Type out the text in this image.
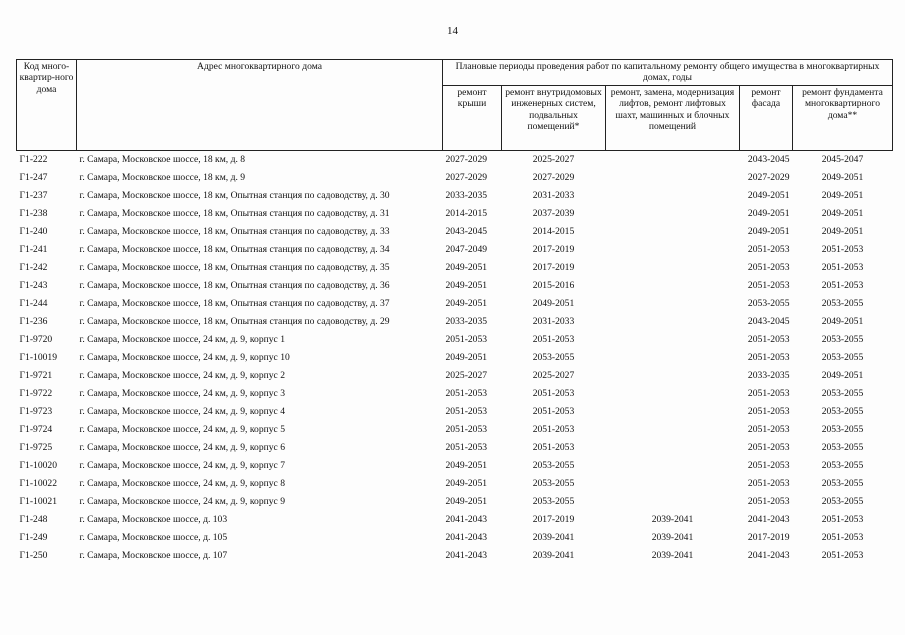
14
Код много-квартир-ного дома	Адрес многоквартирного дома	Плановые периоды проведения работ по капитальному ремонту общего имущества в многоквартирных домах, годы				
		ремонт крыши	ремонт внутридомовых инженерных систем, подвальных помещений*	ремонт, замена, модернизация лифтов, ремонт лифтовых шахт, машинных и блочных помещений	ремонт фасада	ремонт фундамента многоквартирного дома**
Г1-222	г. Самара, Московское шоссе, 18 км, д. 8	2027-2029	2025-2027		2043-2045	2045-2047
Г1-247	г. Самара, Московское шоссе, 18 км, д. 9	2027-2029	2027-2029		2027-2029	2049-2051
Г1-237	г. Самара, Московское шоссе, 18 км, Опытная станция по садоводству, д. 30	2033-2035	2031-2033		2049-2051	2049-2051
Г1-238	г. Самара, Московское шоссе, 18 км, Опытная станция по садоводству, д. 31	2014-2015	2037-2039		2049-2051	2049-2051
Г1-240	г. Самара, Московское шоссе, 18 км, Опытная станция по садоводству, д. 33	2043-2045	2014-2015		2049-2051	2049-2051
Г1-241	г. Самара, Московское шоссе, 18 км, Опытная станция по садоводству, д. 34	2047-2049	2017-2019		2051-2053	2051-2053
Г1-242	г. Самара, Московское шоссе, 18 км, Опытная станция по садоводству, д. 35	2049-2051	2017-2019		2051-2053	2051-2053
Г1-243	г. Самара, Московское шоссе, 18 км, Опытная станция по садоводству, д. 36	2049-2051	2015-2016		2051-2053	2051-2053
Г1-244	г. Самара, Московское шоссе, 18 км, Опытная станция по садоводству, д. 37	2049-2051	2049-2051		2053-2055	2053-2055
Г1-236	г. Самара, Московское шоссе, 18 км, Опытная станция по садоводству, д. 29	2033-2035	2031-2033		2043-2045	2049-2051
Г1-9720	г. Самара, Московское шоссе, 24 км, д. 9, корпус 1	2051-2053	2051-2053		2051-2053	2053-2055
Г1-10019	г. Самара, Московское шоссе, 24 км, д. 9, корпус 10	2049-2051	2053-2055		2051-2053	2053-2055
Г1-9721	г. Самара, Московское шоссе, 24 км, д. 9, корпус 2	2025-2027	2025-2027		2033-2035	2049-2051
Г1-9722	г. Самара, Московское шоссе, 24 км, д. 9, корпус 3	2051-2053	2051-2053		2051-2053	2053-2055
Г1-9723	г. Самара, Московское шоссе, 24 км, д. 9, корпус 4	2051-2053	2051-2053		2051-2053	2053-2055
Г1-9724	г. Самара, Московское шоссе, 24 км, д. 9, корпус 5	2051-2053	2051-2053		2051-2053	2053-2055
Г1-9725	г. Самара, Московское шоссе, 24 км, д. 9, корпус 6	2051-2053	2051-2053		2051-2053	2053-2055
Г1-10020	г. Самара, Московское шоссе, 24 км, д. 9, корпус 7	2049-2051	2053-2055		2051-2053	2053-2055
Г1-10022	г. Самара, Московское шоссе, 24 км, д. 9, корпус 8	2049-2051	2053-2055		2051-2053	2053-2055
Г1-10021	г. Самара, Московское шоссе, 24 км, д. 9, корпус 9	2049-2051	2053-2055		2051-2053	2053-2055
Г1-248	г. Самара, Московское шоссе, д. 103	2041-2043	2017-2019	2039-2041	2041-2043	2051-2053
Г1-249	г. Самара, Московское шоссе, д. 105	2041-2043	2039-2041	2039-2041	2017-2019	2051-2053
Г1-250	г. Самара, Московское шоссе, д. 107	2041-2043	2039-2041	2039-2041	2041-2043	2051-2053
